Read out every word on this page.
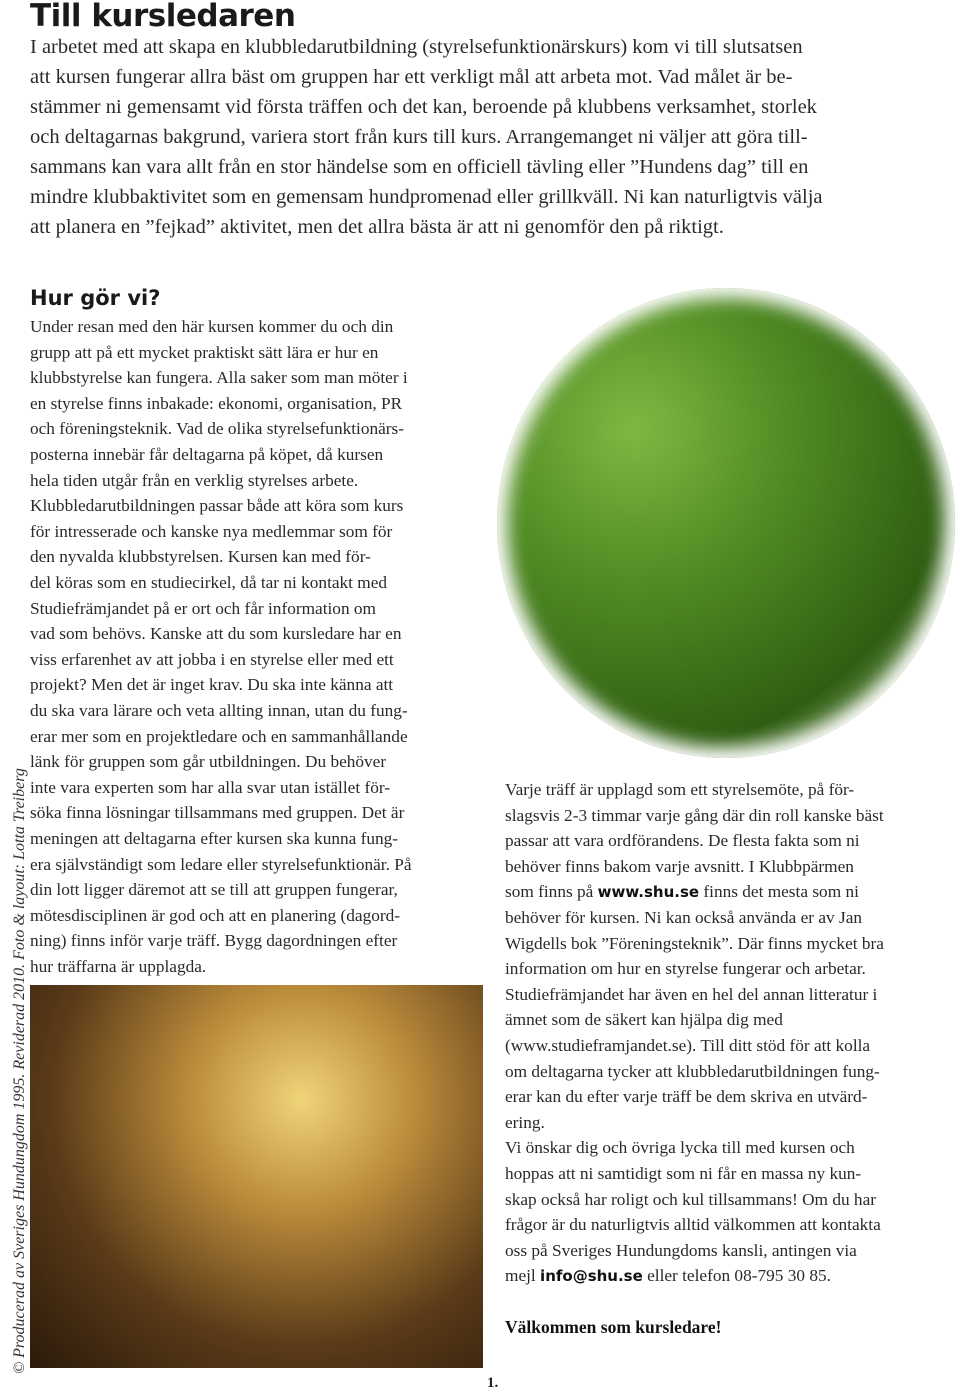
Till kursledaren
Hur gör vi?
Välkommen som kursledare!
1.
© Producerad av Sveriges Hundungdom 1995. Reviderad 2010. Foto & layout: Lotta Treiberg
I arbetet med att skapa en klubbledarutbildning (styrelsefunktionärskurs) kom vi till slutsatsen
att kursen fungerar allra bäst om gruppen har ett verkligt mål att arbeta mot. Vad målet är be-
stämmer ni gemensamt vid första träffen och det kan, beroende på klubbens verksamhet, storlek
och deltagarnas bakgrund, variera stort från kurs till kurs. Arrangemanget ni väljer att göra till-
sammans kan vara allt från en stor händelse som en officiell tävling eller ”Hundens dag” till en
mindre klubbaktivitet som en gemensam hundpromenad eller grillkväll. Ni kan naturligtvis välja
att planera en ”fejkad” aktivitet, men det allra bästa är att ni genomför den på riktigt.
Under resan med den här kursen kommer du och din
grupp att på ett mycket praktiskt sätt lära er hur en
klubbstyrelse kan fungera. Alla saker som man möter i
en styrelse finns inbakade: ekonomi, organisation, PR
och föreningsteknik. Vad de olika styrelsefunktionärs-
posterna innebär får deltagarna på köpet, då kursen
hela tiden utgår från en verklig styrelses arbete.
Klubbledarutbildningen passar både att köra som kurs
för intresserade och kanske nya medlemmar som för
den nyvalda klubbstyrelsen. Kursen kan med för-
del köras som en studiecirkel, då tar ni kontakt med
Studiefrämjandet på er ort och får information om
vad som behövs. Kanske att du som kursledare har en
viss erfarenhet av att jobba i en styrelse eller med ett
projekt? Men det är inget krav. Du ska inte känna att
du ska vara lärare och veta allting innan, utan du fung-
erar mer som en projektledare och en sammanhållande
länk för gruppen som går utbildningen. Du behöver
inte vara experten som har alla svar utan istället för-
söka finna lösningar tillsammans med gruppen. Det är
meningen att deltagarna efter kursen ska kunna fung-
era självständigt som ledare eller styrelsefunktionär. På
din lott ligger däremot att se till att gruppen fungerar,
mötesdisciplinen är god och att en planering (dagord-
ning) finns inför varje träff. Bygg dagordningen efter
hur träffarna är upplagda.
Varje träff är upplagd som ett styrelsemöte, på för-
slagsvis 2-3 timmar varje gång där din roll kanske bäst
passar att vara ordförandens. De flesta fakta som ni
behöver finns bakom varje avsnitt. I Klubbpärmen
behöver för kursen. Ni kan också använda er av Jan
Wigdells bok ”Föreningsteknik”. Där finns mycket bra
information om hur en styrelse fungerar och arbetar.
Studiefrämjandet har även en hel del annan litteratur i
ämnet som de säkert kan hjälpa dig med
(www.studieframjandet.se). Till ditt stöd för att kolla
om deltagarna tycker att klubbledarutbildningen fung-
erar kan du efter varje träff be dem skriva en utvärd-
ering.
Vi önskar dig och övriga lycka till med kursen och
hoppas att ni samtidigt som ni får en massa ny kun-
skap också har roligt och kul tillsammans! Om du har
frågor är du naturligtvis alltid välkommen att kontakta
oss på Sveriges Hundungdoms kansli, antingen via
som finns på www.shu.se finns det mesta som ni
mejl info@shu.se eller telefon 08-795 30 85.
